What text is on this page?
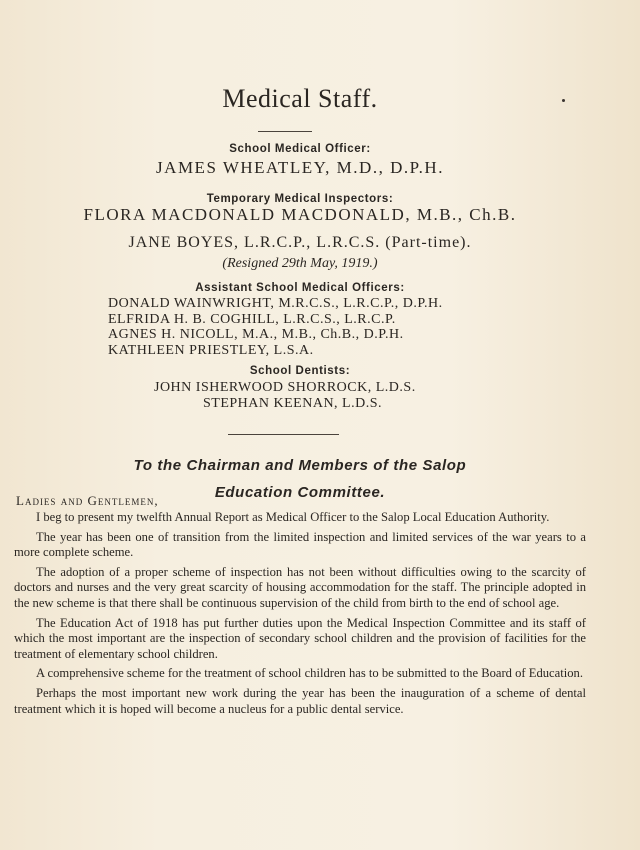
Medical Staff.
School Medical Officer:
JAMES WHEATLEY, M.D., D.P.H.
Temporary Medical Inspectors:
FLORA MACDONALD MACDONALD, M.B., Ch.B.
JANE BOYES, L.R.C.P., L.R.C.S. (Part-time).
(Resigned 29th May, 1919.)
Assistant School Medical Officers:
DONALD WAINWRIGHT, M.R.C.S., L.R.C.P., D.P.H.
ELFRIDA H. B. COGHILL, L.R.C.S., L.R.C.P.
AGNES H. NICOLL, M.A., M.B., Ch.B., D.P.H.
KATHLEEN PRIESTLEY, L.S.A.
School Dentists:
JOHN ISHERWOOD SHORROCK, L.D.S.
STEPHAN KEENAN, L.D.S.
To the Chairman and Members of the Salop
Education Committee.
Ladies and Gentlemen,

I beg to present my twelfth Annual Report as Medical Officer to the Salop Local Education Authority.

The year has been one of transition from the limited inspection and limited services of the war years to a more complete scheme.

The adoption of a proper scheme of inspection has not been without difficulties owing to the scarcity of doctors and nurses and the very great scarcity of housing accommodation for the staff. The principle adopted in the new scheme is that there shall be continuous supervision of the child from birth to the end of school age.

The Education Act of 1918 has put further duties upon the Medical Inspection Committee and its staff of which the most important are the inspection of secondary school children and the provision of facilities for the treatment of elementary school children.

A comprehensive scheme for the treatment of school children has to be submitted to the Board of Education.

Perhaps the most important new work during the year has been the inauguration of a scheme of dental treatment which it is hoped will become a nucleus for a public dental service.
